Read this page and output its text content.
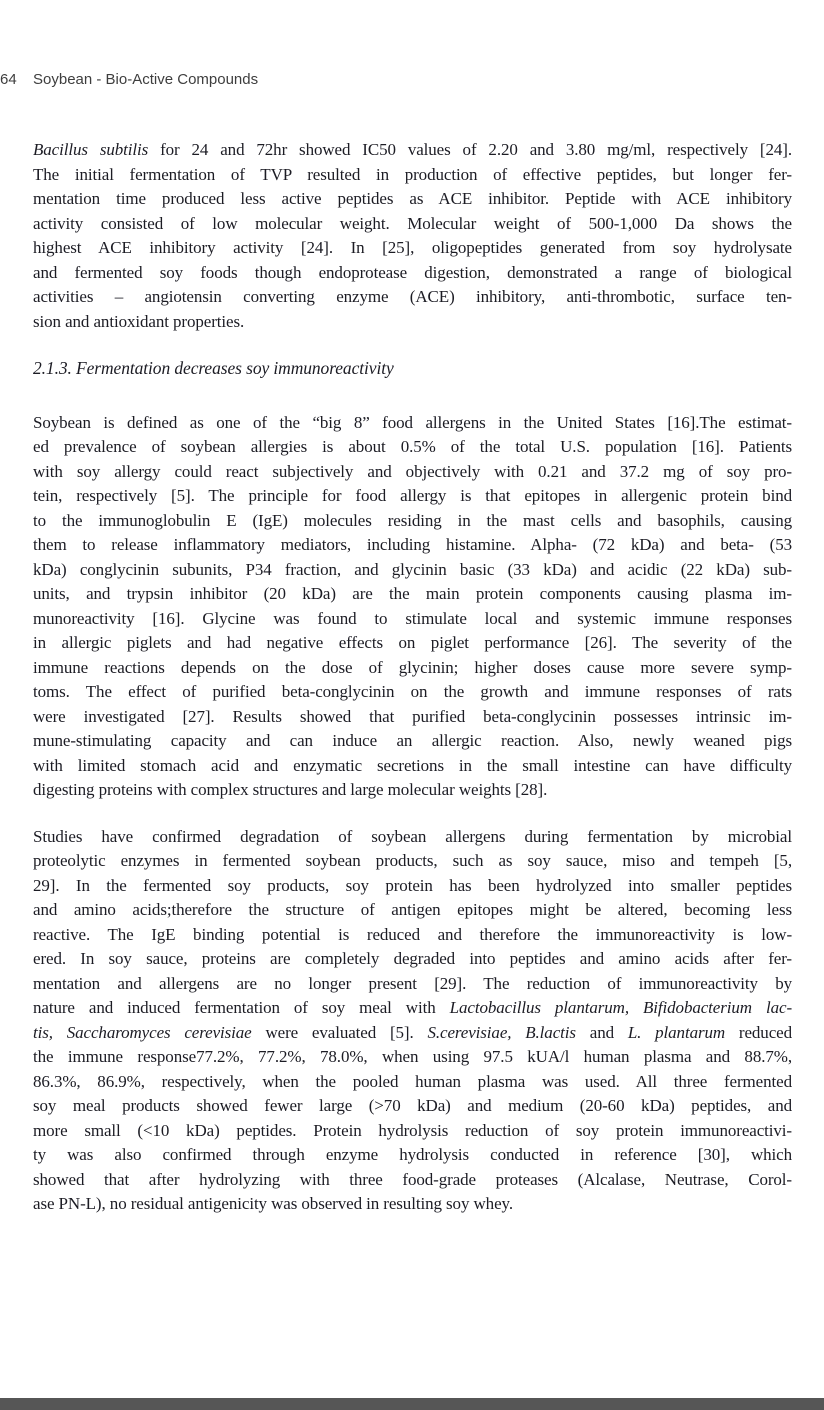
64 Soybean - Bio-Active Compounds
Bacillus subtilis for 24 and 72hr showed IC50 values of 2.20 and 3.80 mg/ml, respectively [24].
The initial fermentation of TVP resulted in production of effective peptides, but longer fer-
mentation time produced less active peptides as ACE inhibitor. Peptide with ACE inhibitory
activity consisted of low molecular weight. Molecular weight of 500-1,000 Da shows the
highest ACE inhibitory activity [24]. In [25], oligopeptides generated from soy hydrolysate
and fermented soy foods though endoprotease digestion, demonstrated a range of biological
activities – angiotensin converting enzyme (ACE) inhibitory, anti-thrombotic, surface ten-
sion and antioxidant properties.
2.1.3. Fermentation decreases soy immunoreactivity
Soybean is defined as one of the “big 8” food allergens in the United States [16].The estimat-
ed prevalence of soybean allergies is about 0.5% of the total U.S. population [16]. Patients
with soy allergy could react subjectively and objectively with 0.21 and 37.2 mg of soy pro-
tein, respectively [5]. The principle for food allergy is that epitopes in allergenic protein bind
to the immunoglobulin E (IgE) molecules residing in the mast cells and basophils, causing
them to release inflammatory mediators, including histamine. Alpha- (72 kDa) and beta- (53
kDa) conglycinin subunits, P34 fraction, and glycinin basic (33 kDa) and acidic (22 kDa) sub-
units, and trypsin inhibitor (20 kDa) are the main protein components causing plasma im-
munoreactivity [16]. Glycine was found to stimulate local and systemic immune responses
in allergic piglets and had negative effects on piglet performance [26]. The severity of the
immune reactions depends on the dose of glycinin; higher doses cause more severe symp-
toms. The effect of purified beta-conglycinin on the growth and immune responses of rats
were investigated [27]. Results showed that purified beta-conglycinin possesses intrinsic im-
mune-stimulating capacity and can induce an allergic reaction. Also, newly weaned pigs
with limited stomach acid and enzymatic secretions in the small intestine can have difficulty
digesting proteins with complex structures and large molecular weights [28].
Studies have confirmed degradation of soybean allergens during fermentation by microbial
proteolytic enzymes in fermented soybean products, such as soy sauce, miso and tempeh [5,
29]. In the fermented soy products, soy protein has been hydrolyzed into smaller peptides
and amino acids;therefore the structure of antigen epitopes might be altered, becoming less
reactive. The IgE binding potential is reduced and therefore the immunoreactivity is low-
ered. In soy sauce, proteins are completely degraded into peptides and amino acids after fer-
mentation and allergens are no longer present [29]. The reduction of immunoreactivity by
nature and induced fermentation of soy meal with Lactobacillus plantarum, Bifidobacterium lac-
tis, Saccharomyces cerevisiae were evaluated [5]. S.cerevisiae, B.lactis and L. plantarum reduced
the immune response77.2%, 77.2%, 78.0%, when using 97.5 kUA/l human plasma and 88.7%,
86.3%, 86.9%, respectively, when the pooled human plasma was used. All three fermented
soy meal products showed fewer large (>70 kDa) and medium (20-60 kDa) peptides, and
more small (<10 kDa) peptides. Protein hydrolysis reduction of soy protein immunoreactivi-
ty was also confirmed through enzyme hydrolysis conducted in reference [30], which
showed that after hydrolyzing with three food-grade proteases (Alcalase, Neutrase, Corol-
ase PN-L), no residual antigenicity was observed in resulting soy whey.
